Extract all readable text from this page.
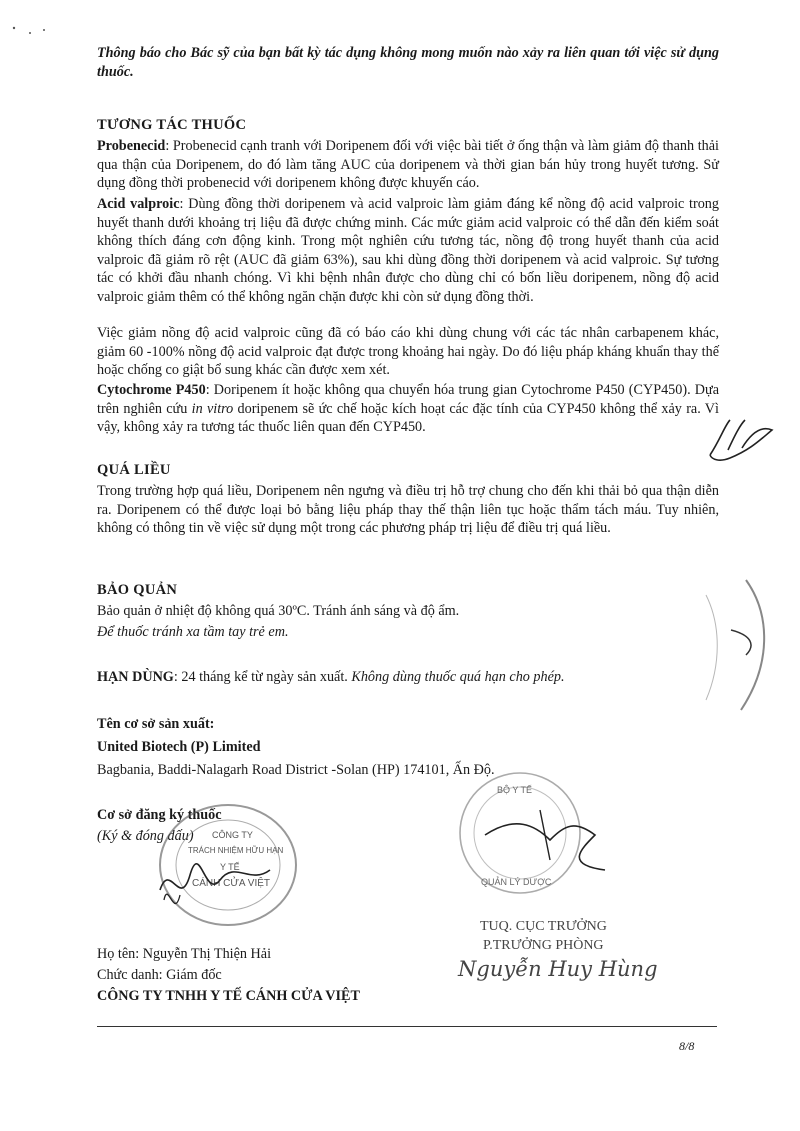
Thông báo cho Bác sỹ của bạn bất kỳ tác dụng không mong muốn nào xảy ra liên quan tới việc sử dụng thuốc.
TƯƠNG TÁC THUỐC
Probenecid: Probenecid cạnh tranh với Doripenem đối với việc bài tiết ở ống thận và làm giảm độ thanh thải qua thận của Doripenem, do đó làm tăng AUC của doripenem và thời gian bán hủy trong huyết tương. Sử dụng đồng thời probenecid với doripenem không được khuyến cáo.
Acid valproic: Dùng đồng thời doripenem và acid valproic làm giảm đáng kể nồng độ acid valproic trong huyết thanh dưới khoảng trị liệu đã được chứng minh. Các mức giảm acid valproic có thể dẫn đến kiểm soát không thích đáng cơn động kinh. Trong một nghiên cứu tương tác, nồng độ trong huyết thanh của acid valproic đã giảm rõ rệt (AUC đã giảm 63%), sau khi dùng đồng thời doripenem và acid valproic. Sự tương tác có khởi đầu nhanh chóng. Vì khi bệnh nhân được cho dùng chỉ có bốn liều doripenem, nồng độ acid valproic giảm thêm có thể không ngăn chặn được khi còn sử dụng đồng thời.
Việc giảm nồng độ acid valproic cũng đã có báo cáo khi dùng chung với các tác nhân carbapenem khác, giảm 60 -100% nồng độ acid valproic đạt được trong khoảng hai ngày. Do đó liệu pháp kháng khuẩn thay thế hoặc chống co giật bổ sung khác cần được xem xét.
Cytochrome P450: Doripenem ít hoặc không qua chuyển hóa trung gian Cytochrome P450 (CYP450). Dựa trên nghiên cứu in vitro doripenem sẽ ức chế hoặc kích hoạt các đặc tính của CYP450 không thể xảy ra. Vì vậy, không xảy ra tương tác thuốc liên quan đến CYP450.
QUÁ LIỀU
Trong trường hợp quá liều, Doripenem nên ngưng và điều trị hỗ trợ chung cho đến khi thải bỏ qua thận diễn ra. Doripenem có thể được loại bỏ bằng liệu pháp thay thế thận liên tục hoặc thẩm tách máu. Tuy nhiên, không có thông tin về việc sử dụng một trong các phương pháp trị liệu để điều trị quá liều.
BẢO QUẢN
Bảo quản ở nhiệt độ không quá 30ºC. Tránh ánh sáng và độ ẩm.
Để thuốc tránh xa tầm tay trẻ em.
HẠN DÙNG: 24 tháng kể từ ngày sản xuất. Không dùng thuốc quá hạn cho phép.
Tên cơ sở sản xuất:
United Biotech (P) Limited
Bagbania, Baddi-Nalagarh Road District -Solan (HP) 174101, Ấn Độ.
Cơ sở đăng ký thuốc
(Ký & đóng dấu)	CÔNG TY
TRÁCH NHIỆM HỮU HẠN
Y TẾ
CÁNH CỬA VIỆT
Họ tên: Nguyễn Thị Thiện Hải
Chức danh: Giám đốc
CÔNG TY TNHH Y TẾ CÁNH CỬA VIỆT
BỘ Y TẾ
QUẢN LÝ DƯỢC
TUQ. CỤC TRƯỞNG
P.TRƯỞNG PHÒNG
Nguyễn Huy Hùng
8/8
